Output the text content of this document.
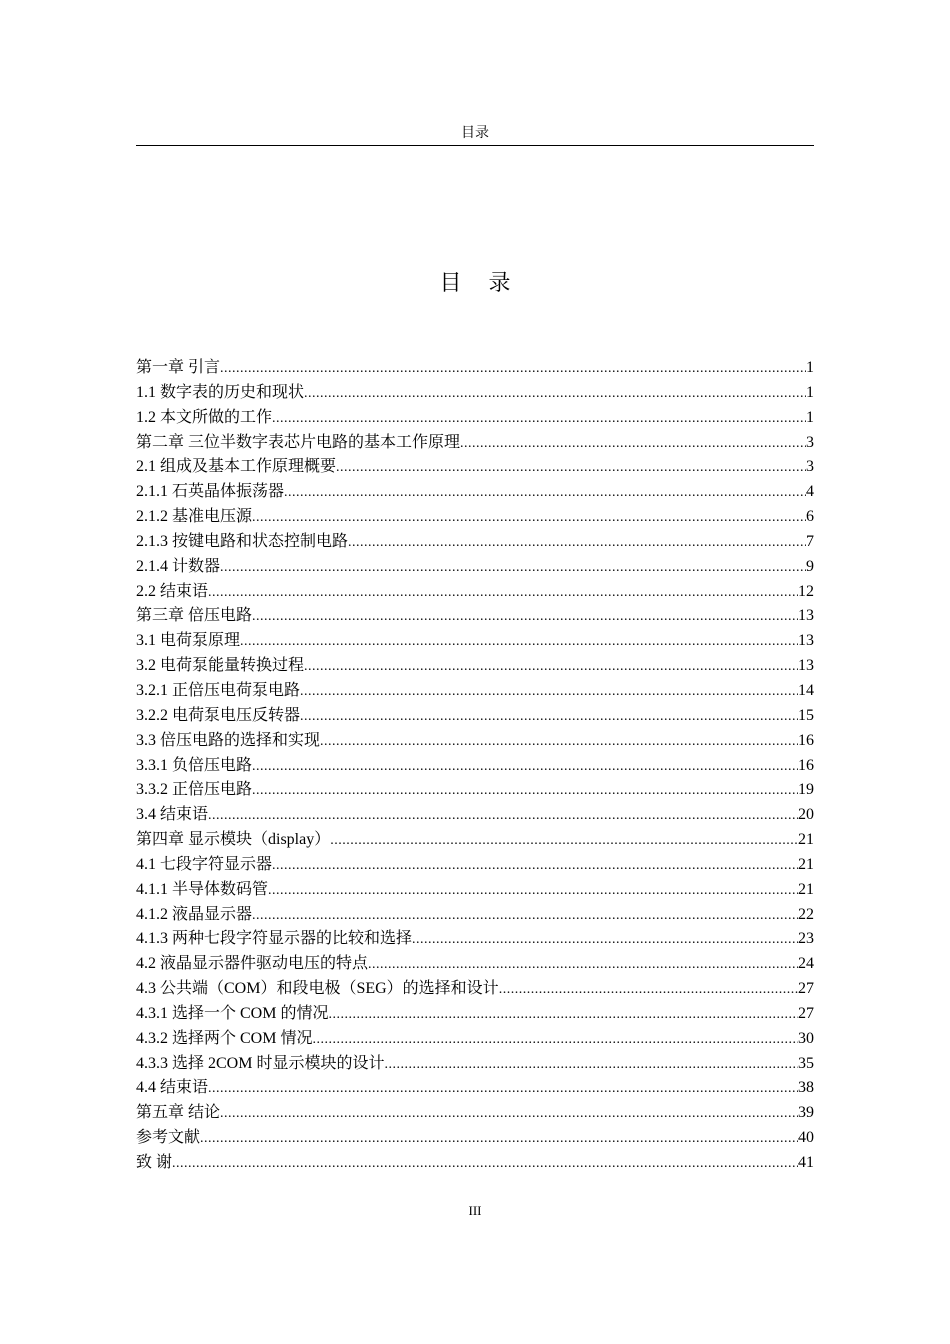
目录
目 录
第一章 引言 .....	1
1.1 数字表的历史和现状 .....	1
1.2 本文所做的工作 .....	1
第二章 三位半数字表芯片电路的基本工作原理 .....	3
2.1 组成及基本工作原理概要 .....	3
2.1.1 石英晶体振荡器 .....	4
2.1.2 基准电压源 .....	6
2.1.3 按键电路和状态控制电路 .....	7
2.1.4 计数器 .....	9
2.2 结束语 .....	12
第三章 倍压电路 .....	13
3.1 电荷泵原理 .....	13
3.2 电荷泵能量转换过程 .....	13
3.2.1 正倍压电荷泵电路 .....	14
3.2.2 电荷泵电压反转器 .....	15
3.3 倍压电路的选择和实现 .....	16
3.3.1 负倍压电路 .....	16
3.3.2 正倍压电路 .....	19
3.4 结束语 .....	20
第四章 显示模块（display） .....	21
4.1 七段字符显示器 .....	21
4.1.1 半导体数码管 .....	21
4.1.2 液晶显示器 .....	22
4.1.3 两种七段字符显示器的比较和选择 .....	23
4.2 液晶显示器件驱动电压的特点 .....	24
4.3 公共端（COM）和段电极（SEG）的选择和设计 .....	27
4.3.1 选择一个 COM 的情况 .....	27
4.3.2 选择两个 COM 情况 .....	30
4.3.3 选择 2COM 时显示模块的设计 .....	35
4.4 结束语 .....	38
第五章 结论 .....	39
参考文献 .....	40
致 谢 .....	41
III
